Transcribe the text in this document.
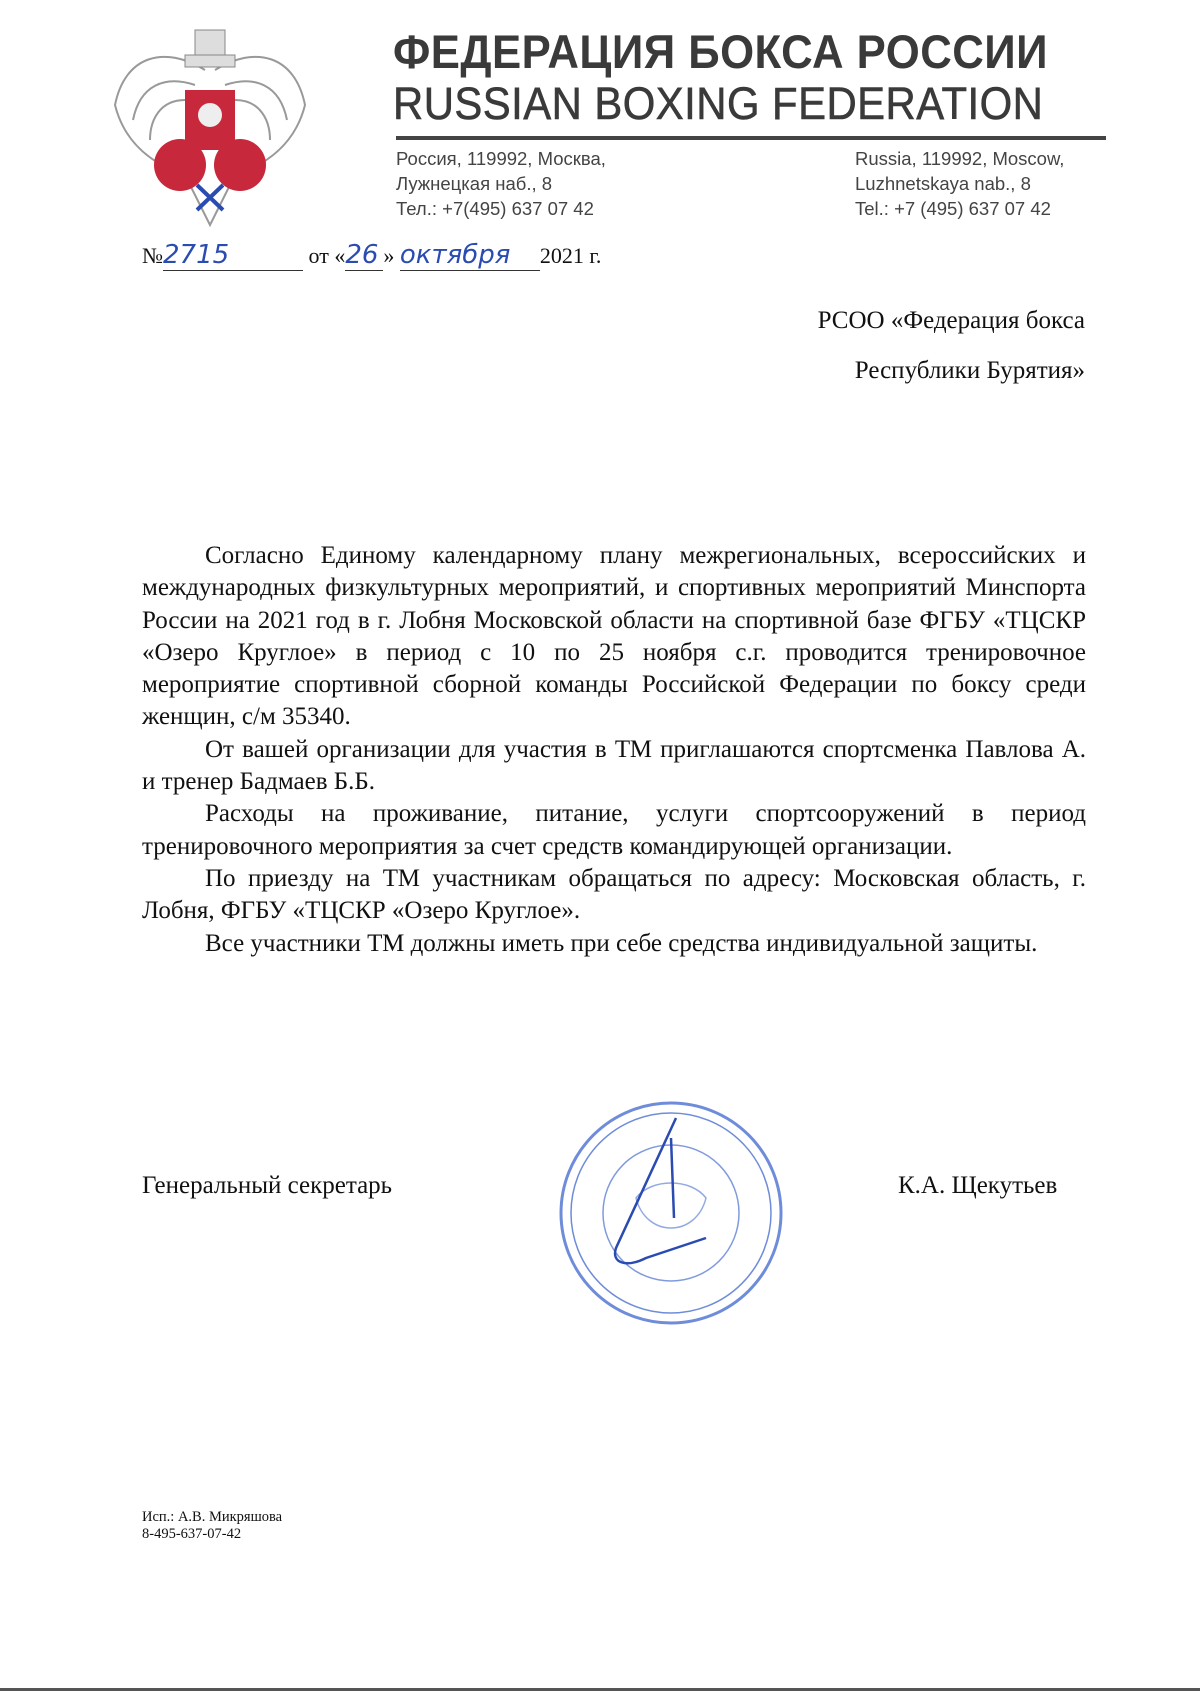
ФЕДЕРАЦИЯ БОКСА РОССИИ
RUSSIAN BOXING FEDERATION
Россия, 119992, Москва,
Лужнецкая наб., 8
Тел.: +7(495) 637 07 42
Russia, 119992, Moscow,
Luzhnetskaya nab., 8
Tel.: +7 (495) 637 07 42
№2715	от «26 » октября 2021 г.
РСОО «Федерация бокса
Республики Бурятия»

Согласно Единому календарному плану межрегиональных, всероссийских и международных физкультурных мероприятий, и спортивных мероприятий Минспорта России на 2021 год в г. Лобня Московской области на спортивной базе ФГБУ «ТЦСКР «Озеро Круглое» в период с 10 по 25 ноября с.г. проводится тренировочное мероприятие спортивной сборной команды Российской Федерации по боксу среди женщин, с/м 35340.

От вашей организации для участия в ТМ приглашаются спортсменка Павлова А. и тренер Бадмаев Б.Б.

Расходы на проживание, питание, услуги спортсооружений в период тренировочного мероприятия за счет средств командирующей организации.

По приезду на ТМ участникам обращаться по адресу: Московская область, г. Лобня, ФГБУ «ТЦСКР «Озеро Круглое».

Все участники ТМ должны иметь при себе средства индивидуальной защиты.

Генеральный секретарь	К.А. Щекутьев
Исп.: А.В. Микряшова
8-495-637-07-42
